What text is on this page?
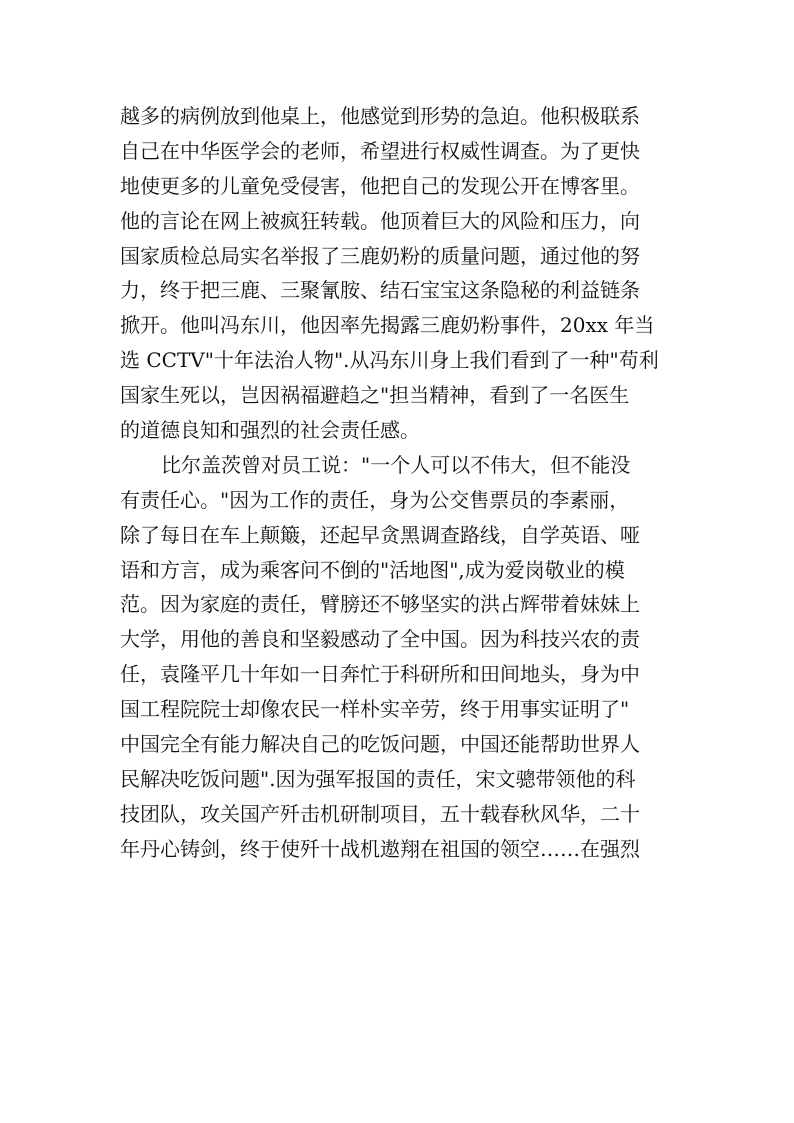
越多的病例放到他桌上，他感觉到形势的急迫。他积极联系
自己在中华医学会的老师，希望进行权威性调查。为了更快
地使更多的儿童免受侵害，他把自己的发现公开在博客里。
他的言论在网上被疯狂转载。他顶着巨大的风险和压力，向
国家质检总局实名举报了三鹿奶粉的质量问题，通过他的努
力，终于把三鹿、三聚氰胺、结石宝宝这条隐秘的利益链条
掀开。他叫冯东川，他因率先揭露三鹿奶粉事件，20xx 年当
选 CCTV"十年法治人物".从冯东川身上我们看到了一种"苟利
国家生死以，岂因祸福避趋之"担当精神，看到了一名医生
的道德良知和强烈的社会责任感。
比尔盖茨曾对员工说："一个人可以不伟大，但不能没
有责任心。"因为工作的责任，身为公交售票员的李素丽，
除了每日在车上颠簸，还起早贪黑调查路线，自学英语、哑
语和方言，成为乘客问不倒的"活地图",成为爱岗敬业的模
范。因为家庭的责任，臂膀还不够坚实的洪占辉带着妹妹上
大学，用他的善良和坚毅感动了全中国。因为科技兴农的责
任，袁隆平几十年如一日奔忙于科研所和田间地头，身为中
国工程院院士却像农民一样朴实辛劳，终于用事实证明了"
中国完全有能力解决自己的吃饭问题，中国还能帮助世界人
民解决吃饭问题".因为强军报国的责任，宋文骢带领他的科
技团队，攻关国产歼击机研制项目，五十载春秋风华，二十
年丹心铸剑，终于使歼十战机遨翔在祖国的领空……在强烈
